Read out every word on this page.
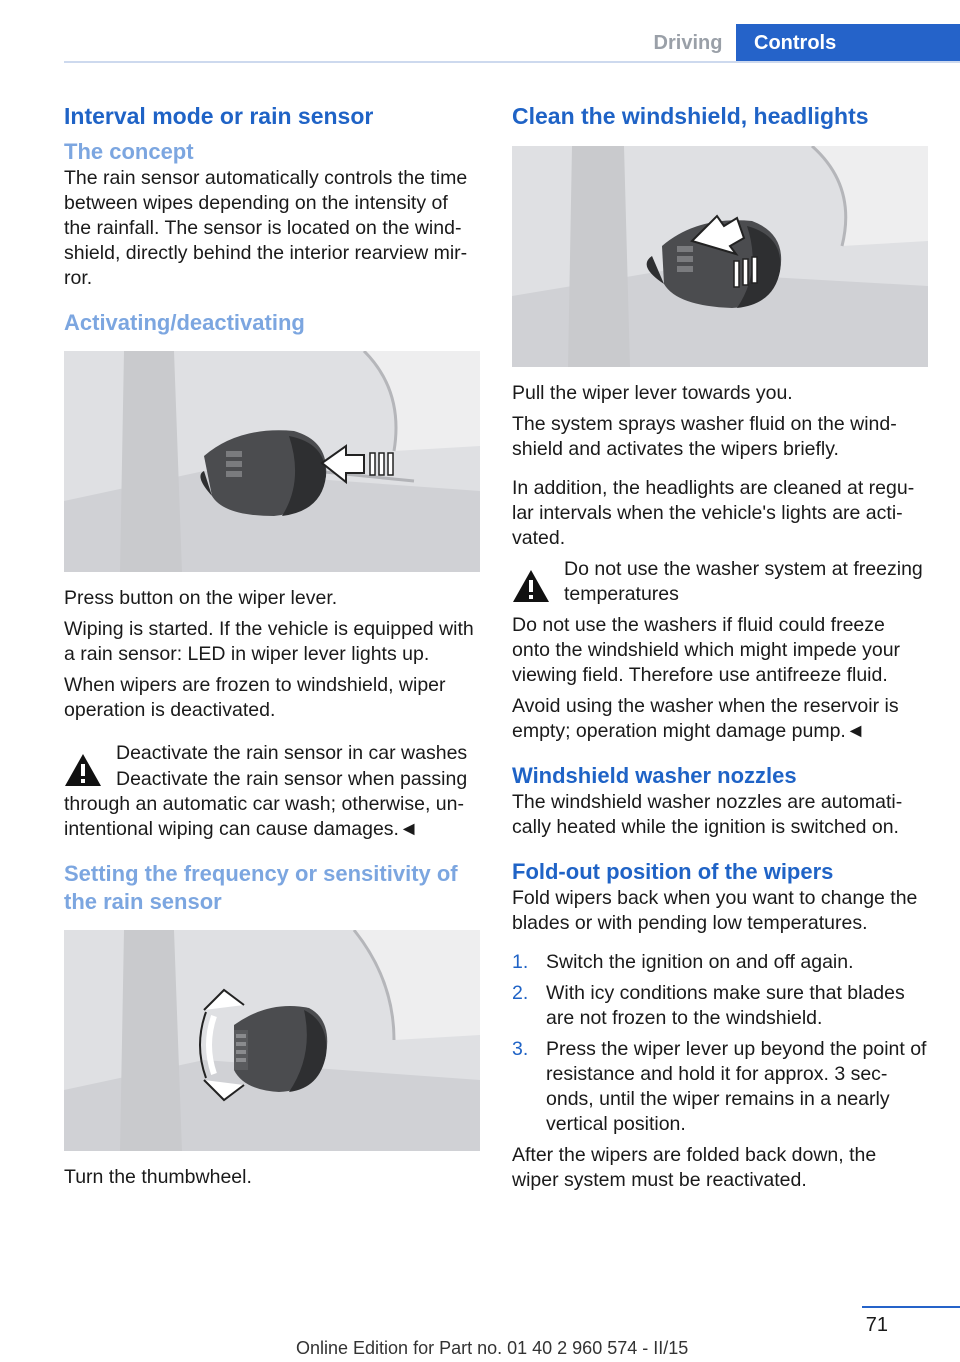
Driving	Controls
Interval mode or rain sensor
The concept

The rain sensor automatically controls the time between wipes depending on the intensity of the rainfall. The sensor is located on the wind‐shield, directly behind the interior rearview mir‐ror.

Activating/deactivating

Press button on the wiper lever.

Wiping is started. If the vehicle is equipped with a rain sensor: LED in wiper lever lights up.

When wipers are frozen to windshield, wiper operation is deactivated.

Deactivate the rain sensor in car washes

Deactivate the rain sensor when passing through an automatic car wash; otherwise, un‐intentional wiping can cause damages.◄

Setting the frequency or sensitivity of the rain sensor

Turn the thumbwheel.

Clean the windshield, headlights

Pull the wiper lever towards you.

The system sprays washer fluid on the wind‐shield and activates the wipers briefly.

In addition, the headlights are cleaned at regu‐lar intervals when the vehicle's lights are acti‐vated.

Do not use the washer system at freezing temperatures

Do not use the washers if fluid could freeze onto the windshield which might impede your viewing field. Therefore use antifreeze fluid.

Avoid using the washer when the reservoir is empty; operation might damage pump.◄

Windshield washer nozzles

The windshield washer nozzles are automati‐cally heated while the ignition is switched on.

Fold-out position of the wipers

Fold wipers back when you want to change the blades or with pending low temperatures.

1. Switch the ignition on and off again.
2. With icy conditions make sure that blades are not frozen to the windshield.
3. Press the wiper lever up beyond the point of resistance and hold it for approx. 3 sec‐onds, until the wiper remains in a nearly vertical position.

After the wipers are folded back down, the wiper system must be reactivated.

71
Online Edition for Part no. 01 40 2 960 574 - II/15
